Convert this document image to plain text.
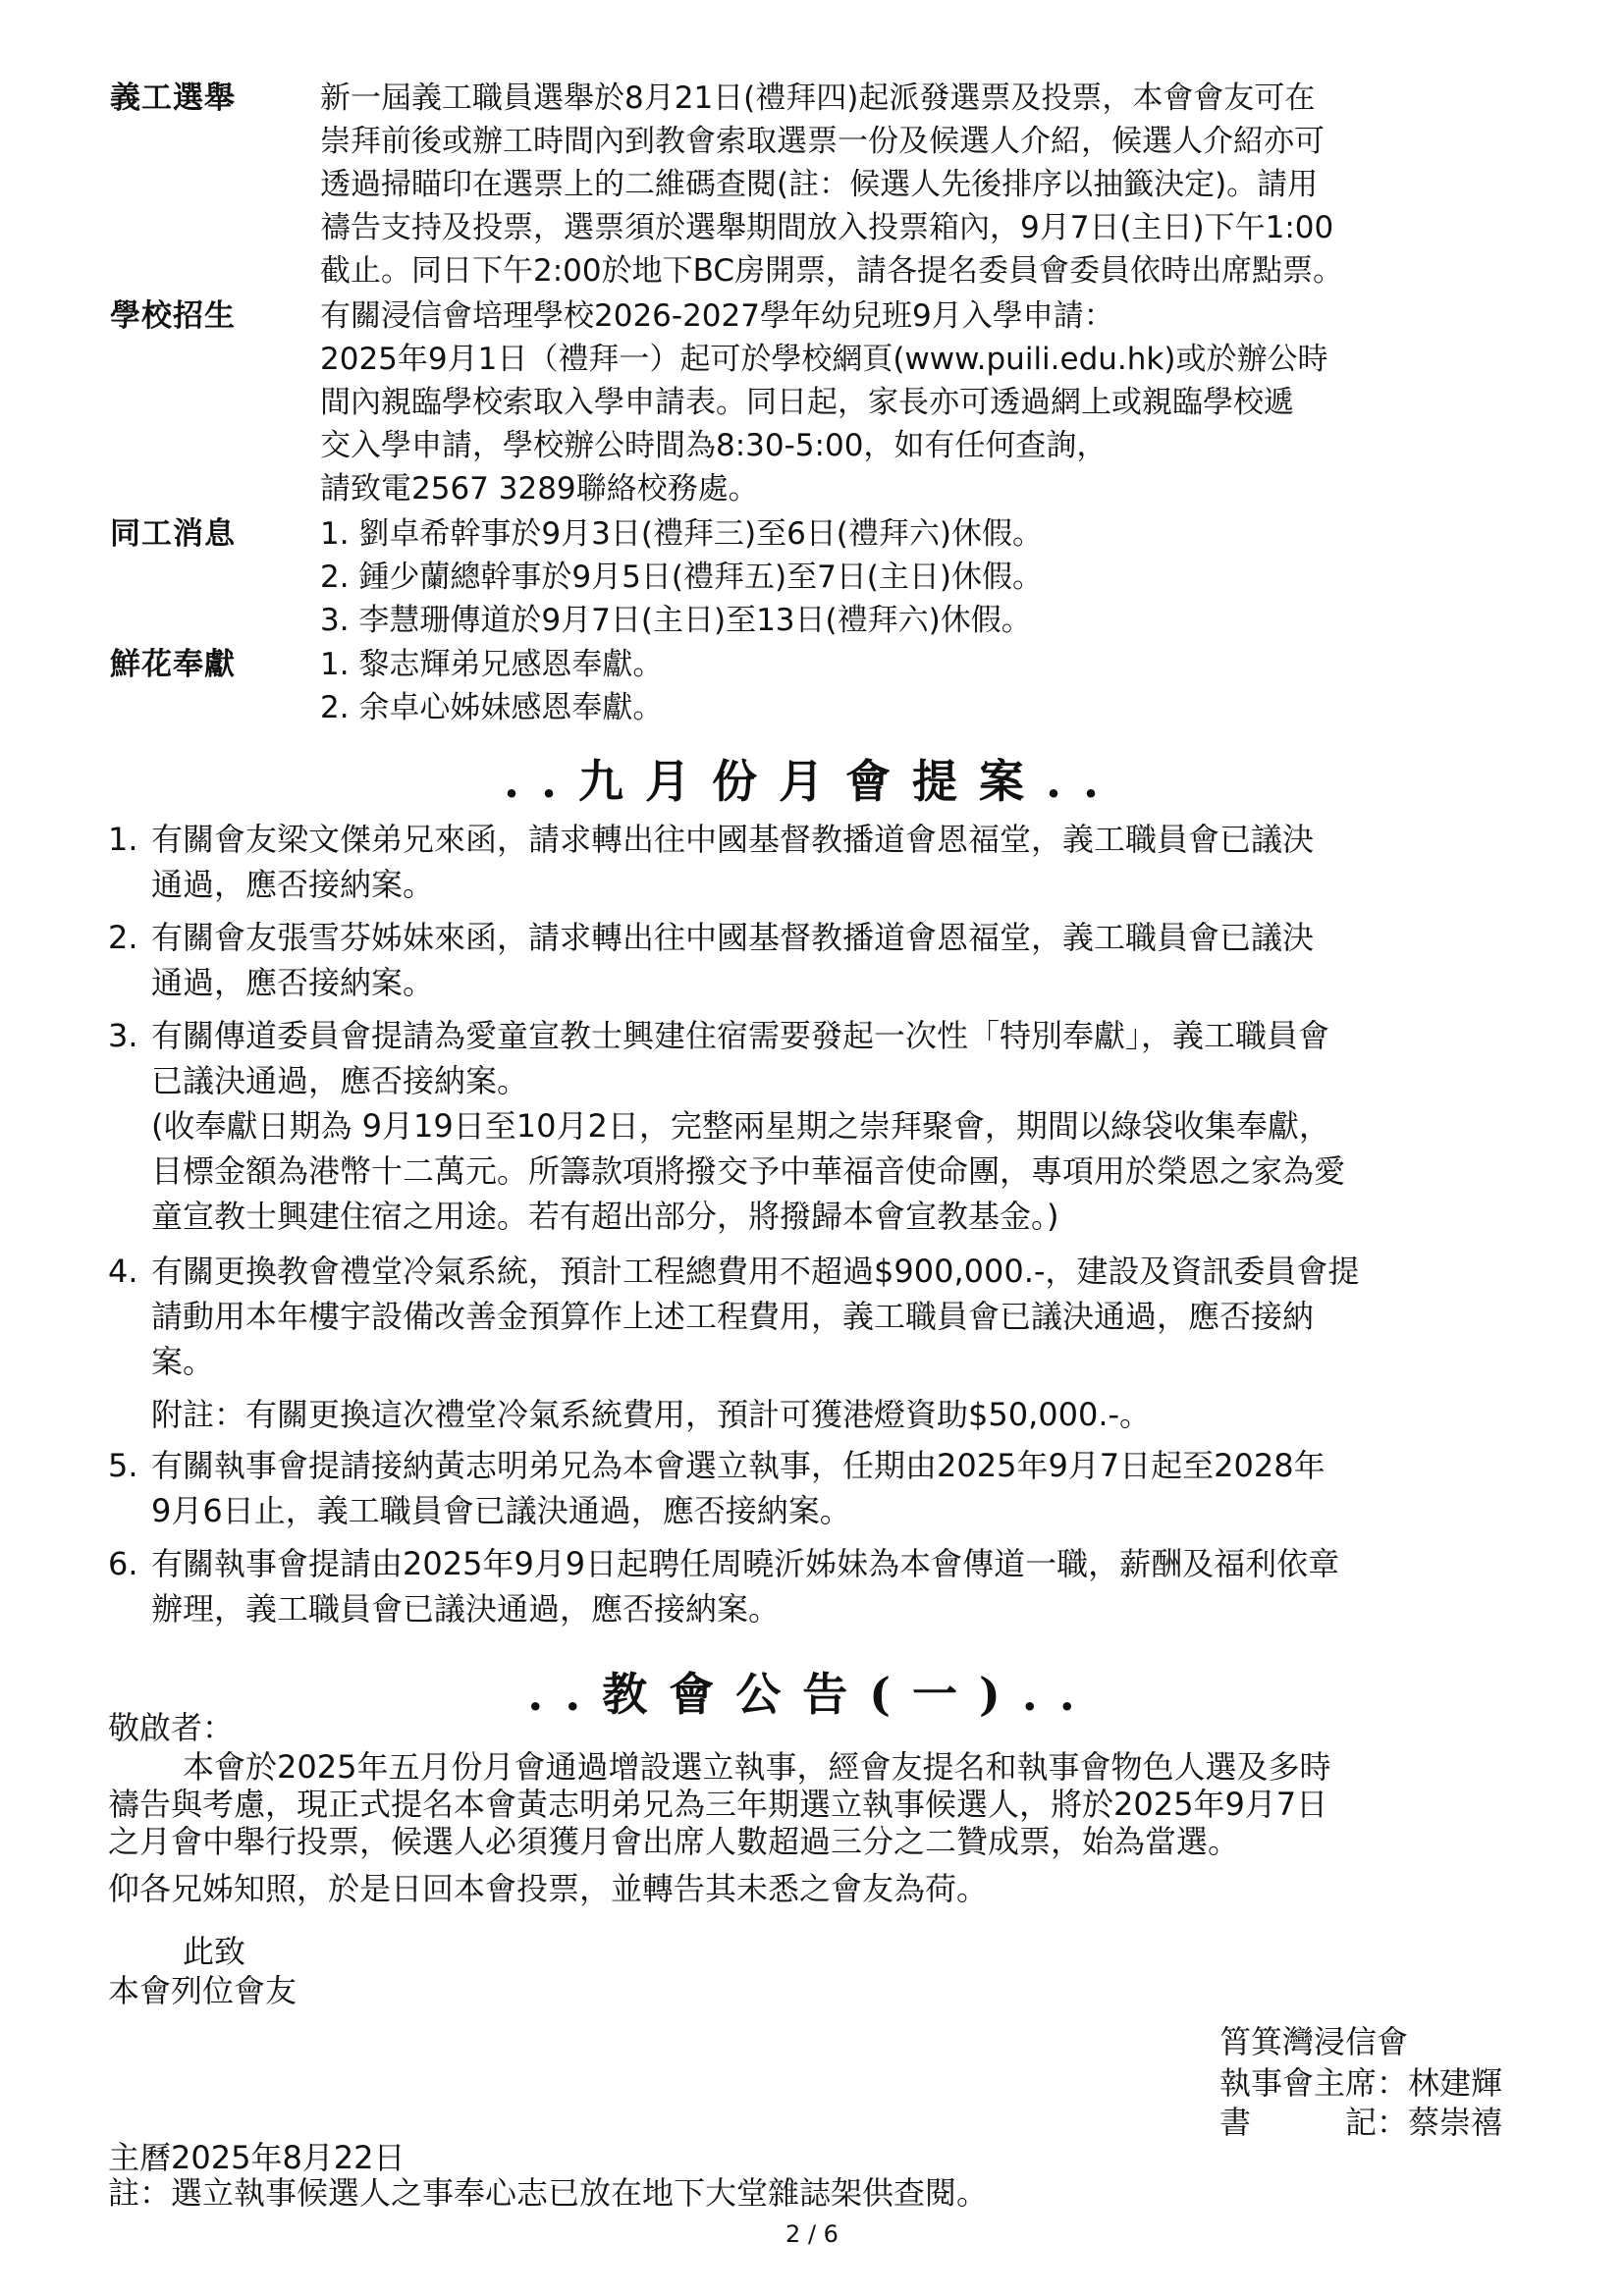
義工選舉	新一屆義工職員選舉於8月21日(禮拜四)起派發選票及投票，本會會友可在
崇拜前後或辦工時間內到教會索取選票一份及候選人介紹，候選人介紹亦可
透過掃瞄印在選票上的二維碼查閱(註：候選人先後排序以抽籤決定)。請用
禱告支持及投票，選票須於選舉期間放入投票箱內，9月7日(主日)下午1:00
截止。同日下午2:00於地下BC房開票，請各提名委員會委員依時出席點票。
學校招生	有關浸信會培理學校2026-2027學年幼兒班9月入學申請：
2025年9月1日（禮拜一）起可於學校網頁(www.puili.edu.hk)或於辦公時
間內親臨學校索取入學申請表。同日起，家長亦可透過網上或親臨學校遞
交入學申請，學校辦公時間為8:30-5:00，如有任何查詢，
請致電2567 3289聯絡校務處。
同工消息	1. 劉卓希幹事於9月3日(禮拜三)至6日(禮拜六)休假。
2. 鍾少蘭總幹事於9月5日(禮拜五)至7日(主日)休假。
3. 李慧珊傳道於9月7日(主日)至13日(禮拜六)休假。
鮮花奉獻	1. 黎志輝弟兄感恩奉獻。
2. 余卓心姊妹感恩奉獻。
..九月份月會提案..
1. 有關會友梁文傑弟兄來函，請求轉出往中國基督教播道會恩福堂，義工職員會已議決
通過，應否接納案。
2. 有關會友張雪芬姊妹來函，請求轉出往中國基督教播道會恩福堂，義工職員會已議決
通過，應否接納案。
3. 有關傳道委員會提請為愛童宣教士興建住宿需要發起一次性「特別奉獻」，義工職員會
已議決通過，應否接納案。
(收奉獻日期為 9月19日至10月2日，完整兩星期之崇拜聚會，期間以綠袋收集奉獻，
目標金額為港幣十二萬元。所籌款項將撥交予中華福音使命團，專項用於榮恩之家為愛
童宣教士興建住宿之用途。若有超出部分，將撥歸本會宣教基金。)
4. 有關更換教會禮堂冷氣系統，預計工程總費用不超過$900,000.-，建設及資訊委員會提
請動用本年樓宇設備改善金預算作上述工程費用，義工職員會已議決通過，應否接納
案。
附註：有關更換這次禮堂冷氣系統費用，預計可獲港燈資助$50,000.-。
5. 有關執事會提請接納黃志明弟兄為本會選立執事，任期由2025年9月7日起至2028年
9月6日止，義工職員會已議決通過，應否接納案。
6. 有關執事會提請由2025年9月9日起聘任周曉沂姊妹為本會傳道一職，薪酬及福利依章
辦理，義工職員會已議決通過，應否接納案。
..教會公告(一)..
敬啟者：
本會於2025年五月份月會通過增設選立執事，經會友提名和執事會物色人選及多時
禱告與考慮，現正式提名本會黃志明弟兄為三年期選立執事候選人，將於2025年9月7日
之月會中舉行投票，候選人必須獲月會出席人數超過三分之二贊成票，始為當選。
仰各兄姊知照，於是日回本會投票，並轉告其未悉之會友為荷。
此致
本會列位會友
筲箕灣浸信會
執事會主席：林建輝
書　　　記：蔡崇禧
主曆2025年8月22日
註：選立執事候選人之事奉心志已放在地下大堂雜誌架供查閱。
2 / 6
